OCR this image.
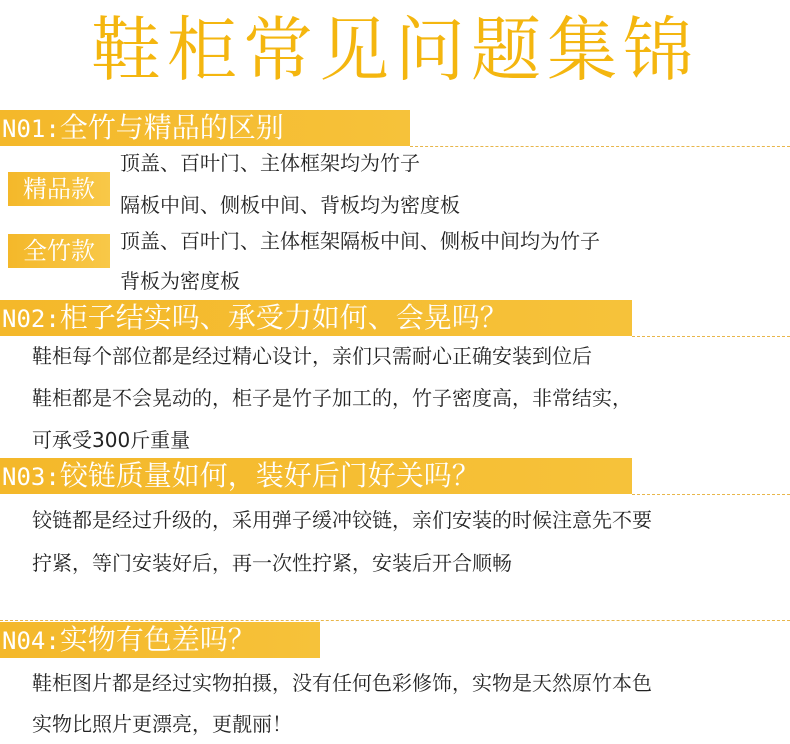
鞋柜常见问题集锦
N01:全竹与精品的区别
精品款
顶盖、百叶门、主体框架均为竹子
隔板中间、侧板中间、背板均为密度板
全竹款	顶盖、百叶门、主体框架隔板中间、侧板中间均为竹子
背板为密度板
N02:柜子结实吗、承受力如何、会晃吗？
鞋柜每个部位都是经过精心设计，亲们只需耐心正确安装到位后
鞋柜都是不会晃动的，柜子是竹子加工的，竹子密度高，非常结实，
可承受300斤重量
N03:铰链质量如何，装好后门好关吗？
铰链都是经过升级的，采用弹子缓冲铰链，亲们安装的时候注意先不要
拧紧，等门安装好后，再一次性拧紧，安装后开合顺畅
N04:实物有色差吗？
鞋柜图片都是经过实物拍摄，没有任何色彩修饰，实物是天然原竹本色
实物比照片更漂亮，更靓丽！
